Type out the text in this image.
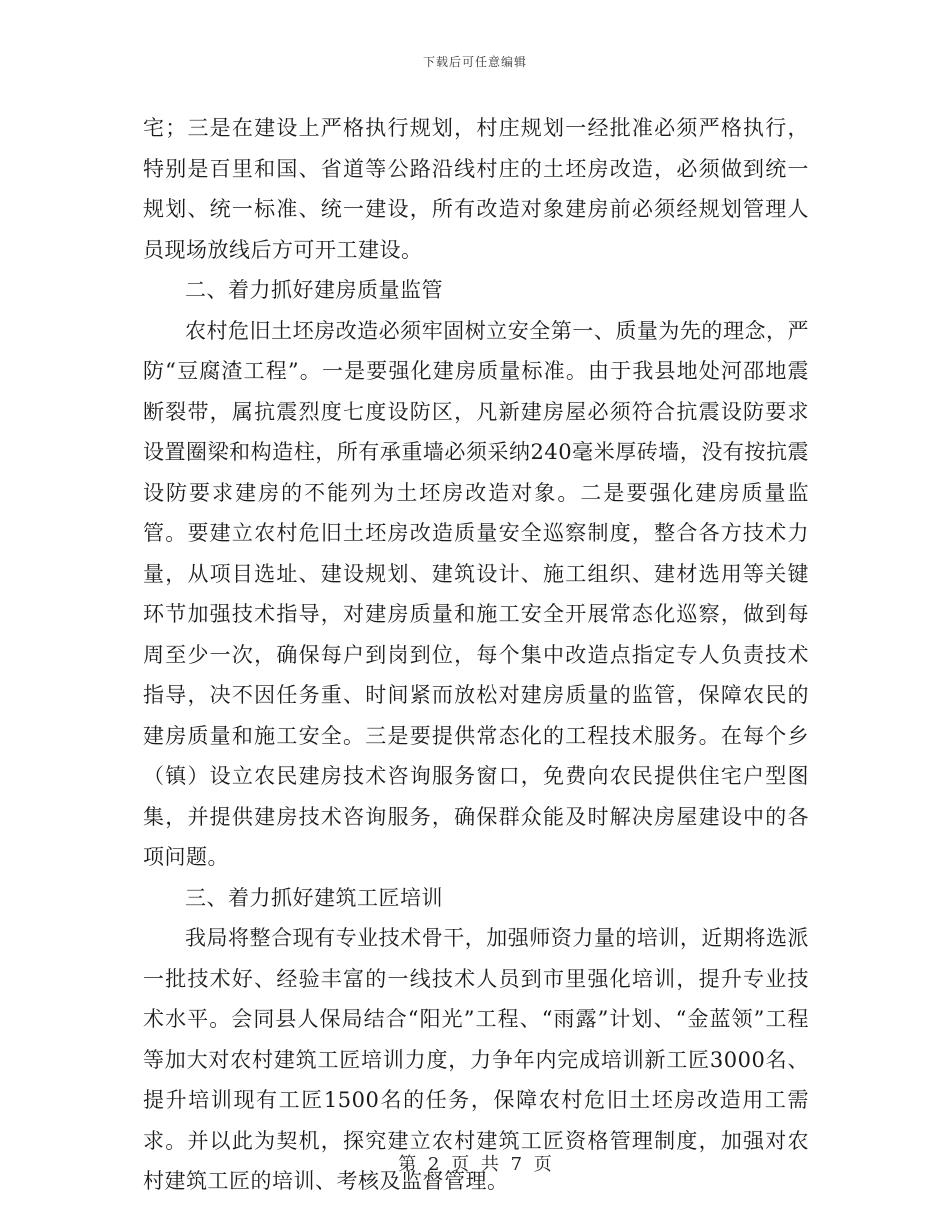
下载后可任意编辑

宅；三是在建设上严格执行规划，村庄规划一经批准必须严格执行，特别是百里和国、省道等公路沿线村庄的土坯房改造，必须做到统一规划、统一标准、统一建设，所有改造对象建房前必须经规划管理人员现场放线后方可开工建设。

二、着力抓好建房质量监管

农村危旧土坯房改造必须牢固树立安全第一、质量为先的理念，严防“豆腐渣工程”。一是要强化建房质量标准。由于我县地处河邵地震断裂带，属抗震烈度七度设防区，凡新建房屋必须符合抗震设防要求设置圈梁和构造柱，所有承重墙必须采纳240毫米厚砖墙，没有按抗震设防要求建房的不能列为土坯房改造对象。二是要强化建房质量监管。要建立农村危旧土坯房改造质量安全巡察制度，整合各方技术力量，从项目选址、建设规划、建筑设计、施工组织、建材选用等关键环节加强技术指导，对建房质量和施工安全开展常态化巡察，做到每周至少一次，确保每户到岗到位，每个集中改造点指定专人负责技术指导，决不因任务重、时间紧而放松对建房质量的监管，保障农民的建房质量和施工安全。三是要提供常态化的工程技术服务。在每个乡（镇）设立农民建房技术咨询服务窗口，免费向农民提供住宅户型图集，并提供建房技术咨询服务，确保群众能及时解决房屋建设中的各项问题。

三、着力抓好建筑工匠培训

我局将整合现有专业技术骨干，加强师资力量的培训，近期将选派一批技术好、经验丰富的一线技术人员到市里强化培训，提升专业技术水平。会同县人保局结合“阳光”工程、“雨露”计划、“金蓝领”工程等加大对农村建筑工匠培训力度，力争年内完成培训新工匠3000名、提升培训现有工匠1500名的任务，保障农村危旧土坯房改造用工需求。并以此为契机，探究建立农村建筑工匠资格管理制度，加强对农村建筑工匠的培训、考核及监督管理。

第 2 页 共 7 页
